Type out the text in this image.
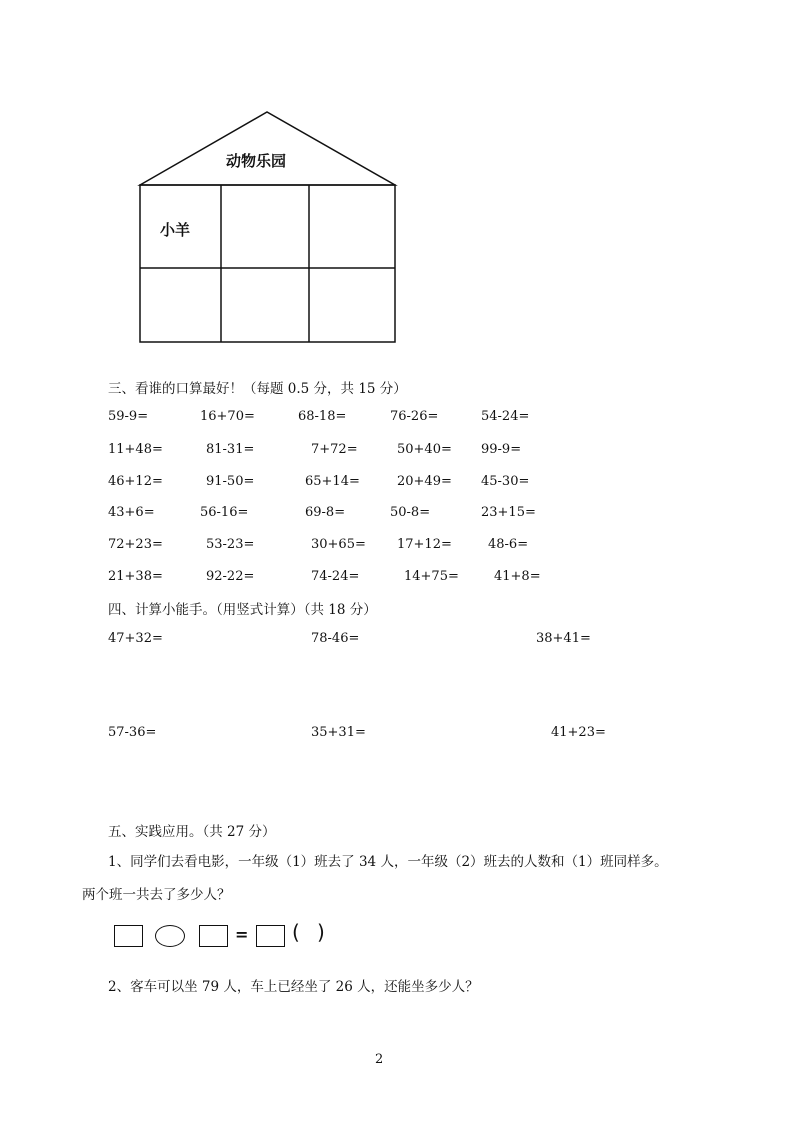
动物乐园
小羊
三、看谁的口算最好！（每题 0.5 分，共 15 分）
59-9=	16+70=	68-18=	76-26=	54-24=
11+48=	81-31=	7+72=	50+40= 99-9=
46+12=	91-50=	65+14=	20+49= 45-30=
43+6=	56-16=	69-8=	50-8=	23+15=
72+23=	53-23=	30+65= 17+12=	48-6=
21+38=	92-22=	74-24=	14+75=	41+8=
四、计算小能手。（用竖式计算）（共 18 分）
47+32=	78-46=	38+41=
57-36=	35+31=	41+23=
五、实践应用。（共 27 分）
1、同学们去看电影，一年级（1）班去了 34 人，一年级（2）班去的人数和（1）班同样多。
两个班一共去了多少人？
= ( )
2、客车可以坐 79 人，车上已经坐了 26 人，还能坐多少人？
2
